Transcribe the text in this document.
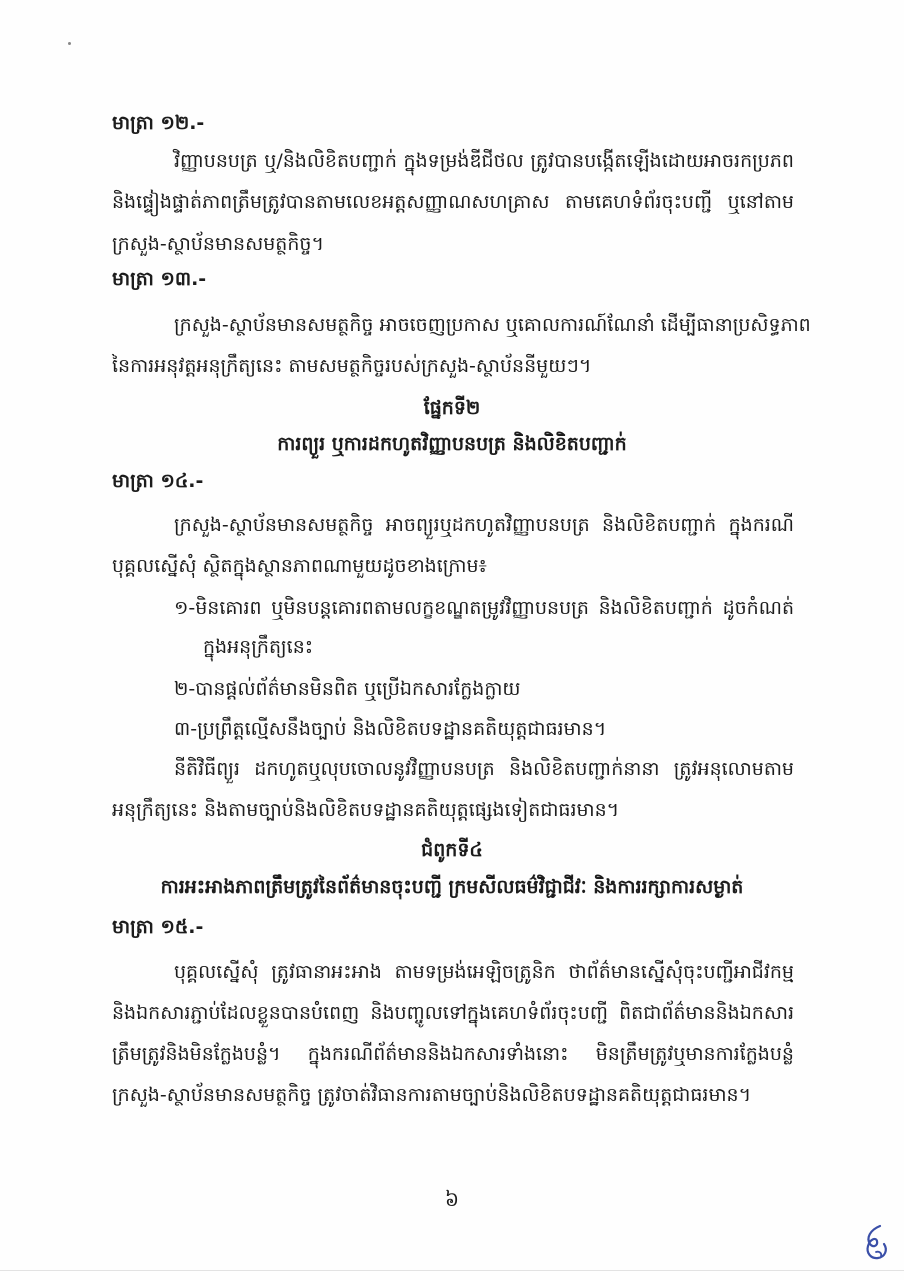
មាត្រា ១២.-
វិញ្ញាបនបត្រ ឬ/និងលិខិតបញ្ជាក់ ក្នុងទម្រង់ឌីជីថល ត្រូវបានបង្កើតឡើងដោយអាចរកប្រភព
និងផ្ទៀងផ្ទាត់ភាពត្រឹមត្រូវបានតាមលេខអត្តសញ្ញាណសហគ្រាស តាមគេហទំព័រចុះបញ្ជី ឬនៅតាម
ក្រសួង-ស្ថាប័នមានសមត្ថកិច្ច។
មាត្រា ១៣.-
ក្រសួង-ស្ថាប័នមានសមត្ថកិច្ច អាចចេញប្រកាស ឬគោលការណ៍ណែនាំ ដើម្បីធានាប្រសិទ្ធភាព
នៃការអនុវត្តអនុក្រឹត្យនេះ តាមសមត្ថកិច្ចរបស់ក្រសួង-ស្ថាប័ននីមួយៗ។
ផ្នែកទី២
ការព្យួរ ឬការដកហូតវិញ្ញាបនបត្រ និងលិខិតបញ្ជាក់
មាត្រា ១៤.-
ក្រសួង-ស្ថាប័នមានសមត្ថកិច្ច អាចព្យួរឬដកហូតវិញ្ញាបនបត្រ និងលិខិតបញ្ជាក់ ក្នុងករណី
បុគ្គលស្នើសុំ ស្ថិតក្នុងស្ថានភាពណាមួយដូចខាងក្រោម៖
១-មិនគោរព ឬមិនបន្តគោរពតាមលក្ខខណ្ឌតម្រូវវិញ្ញាបនបត្រ និងលិខិតបញ្ជាក់ ដូចកំណត់
ក្នុងអនុក្រឹត្យនេះ
២-បានផ្ដល់ព័ត៌មានមិនពិត ឬប្រើឯកសារក្លែងក្លាយ
៣-ប្រព្រឹត្តល្មើសនឹងច្បាប់ និងលិខិតបទដ្ឋានគតិយុត្តជាធរមាន។
នីតិវិធីព្យួរ ដកហូតឬលុបចោលនូវវិញ្ញាបនបត្រ និងលិខិតបញ្ជាក់នានា ត្រូវអនុលោមតាម
អនុក្រឹត្យនេះ និងតាមច្បាប់និងលិខិតបទដ្ឋានគតិយុត្តផ្សេងទៀតជាធរមាន។
ជំពូកទី៤
ការអះអាងភាពត្រឹមត្រូវនៃព័ត៌មានចុះបញ្ជី ក្រមសីលធម៌វិជ្ជាជីវៈ និងការរក្សាការសម្ងាត់
មាត្រា ១៥.-
បុគ្គលស្នើសុំ ត្រូវធានាអះអាង តាមទម្រង់អេឡិចត្រូនិក ថាព័ត៌មានស្នើសុំចុះបញ្ជីអាជីវកម្ម
និងឯកសារភ្ជាប់ដែលខ្លួនបានបំពេញ និងបញ្ចូលទៅក្នុងគេហទំព័រចុះបញ្ជី ពិតជាព័ត៌មាននិងឯកសារ
ត្រឹមត្រូវនិងមិនក្លែងបន្លំ។ ក្នុងករណីព័ត៌មាននិងឯកសារទាំងនោះ មិនត្រឹមត្រូវឬមានការក្លែងបន្លំ
ក្រសួង-ស្ថាប័នមានសមត្ថកិច្ច ត្រូវចាត់វិធានការតាមច្បាប់និងលិខិតបទដ្ឋានគតិយុត្តជាធរមាន។
៦
